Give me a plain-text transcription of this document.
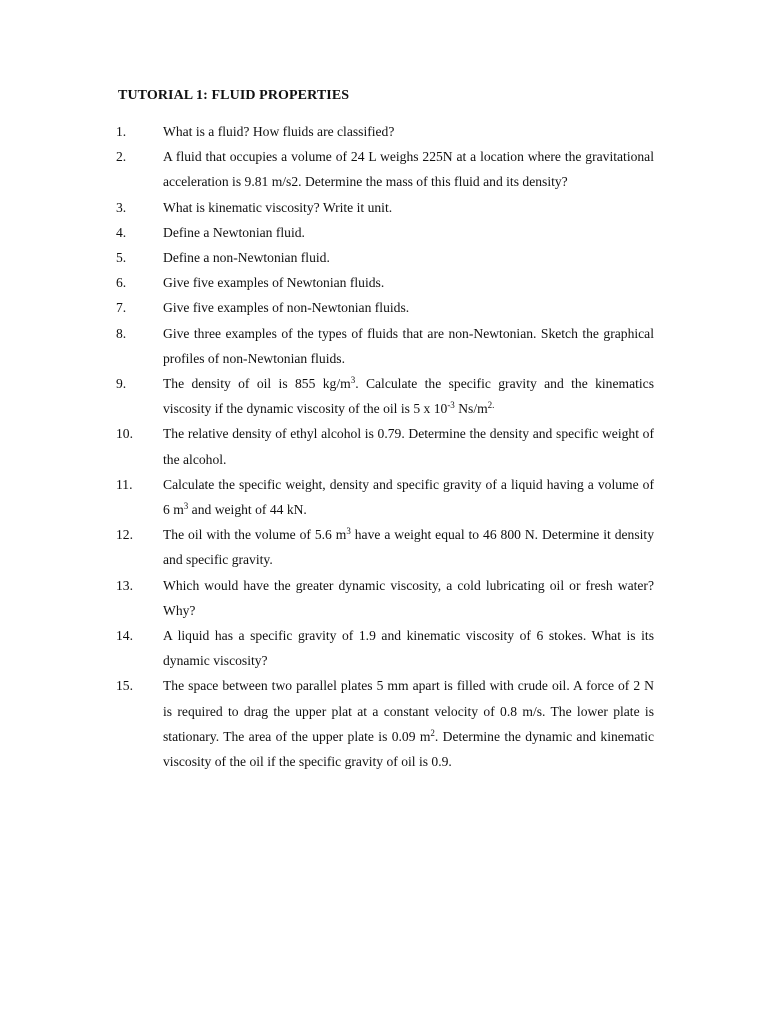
TUTORIAL 1: FLUID PROPERTIES
1.	What is a fluid? How fluids are classified?
2.	A fluid that occupies a volume of 24 L weighs 225N at a location where the gravitational acceleration is 9.81 m/s2. Determine the mass of this fluid and its density?
3.	What is kinematic viscosity? Write it unit.
4.	Define a Newtonian fluid.
5.	Define a non-Newtonian fluid.
6.	Give five examples of Newtonian fluids.
7.	Give five examples of non-Newtonian fluids.
8.	Give three examples of the types of fluids that are non-Newtonian. Sketch the graphical profiles of non-Newtonian fluids.
9.	The density of oil is 855 $kg/m^3$. Calculate the specific gravity and the kinematics viscosity if the dynamic viscosity of the oil is 5 x $10^{-3}$ $Ns/m^{2.}$
10.	The relative density of ethyl alcohol is 0.79. Determine the density and specific weight of the alcohol.
11.	Calculate the specific weight, density and specific gravity of a liquid having a volume of 6 $m^3$ and weight of 44 kN.
12.	The oil with the volume of 5.6 $m^3$ have a weight equal to 46 800 N. Determine it density and specific gravity.
13.	Which would have the greater dynamic viscosity, a cold lubricating oil or fresh water? Why?
14.	A liquid has a specific gravity of 1.9 and kinematic viscosity of 6 stokes. What is its dynamic viscosity?
15.	The space between two parallel plates 5 mm apart is filled with crude oil. A force of 2 N is required to drag the upper plat at a constant velocity of 0.8 m/s. The lower plate is stationary. The area of the upper plate is 0.09 $m^2$. Determine the dynamic and kinematic viscosity of the oil if the specific gravity of oil is 0.9.
